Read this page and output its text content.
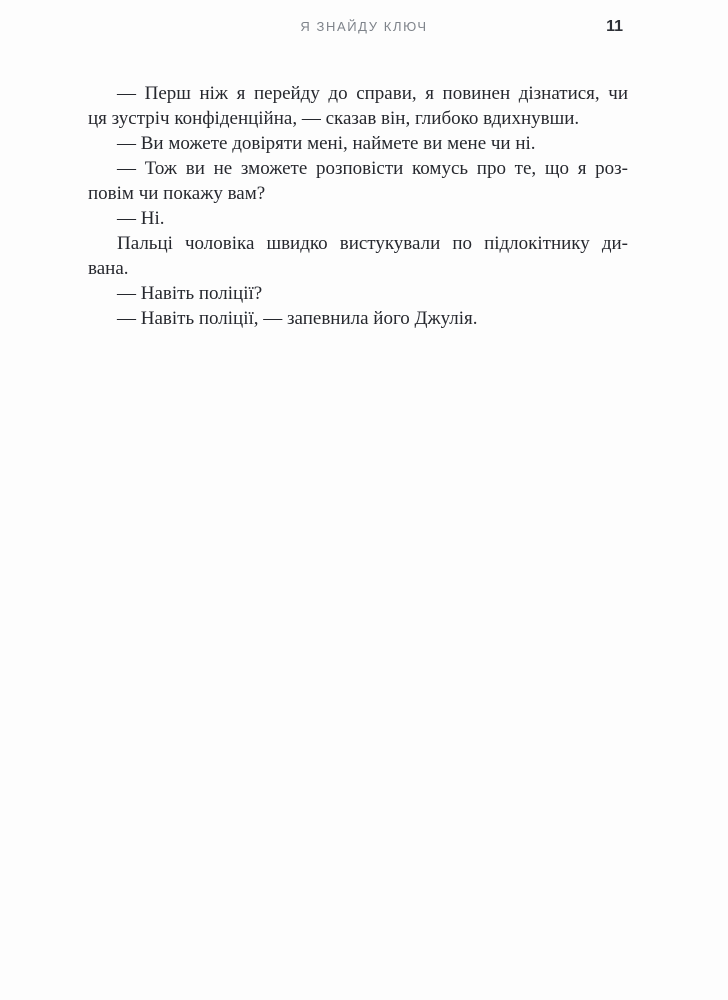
Я ЗНАЙДУ КЛЮЧ	11
— Перш ніж я перейду до справи, я повинен дізнатися, чи
ця зустріч конфіденційна, — сказав він, глибоко вдихнувши.
— Ви можете довіряти мені, наймете ви мене чи ні.
— Тож ви не зможете розповісти комусь про те, що я роз-
повім чи покажу вам?
— Ні.
Пальці чоловіка швидко вистукували по підлокітнику ди-
вана.
— Навіть поліції?
— Навіть поліції, — запевнила його Джулія.
